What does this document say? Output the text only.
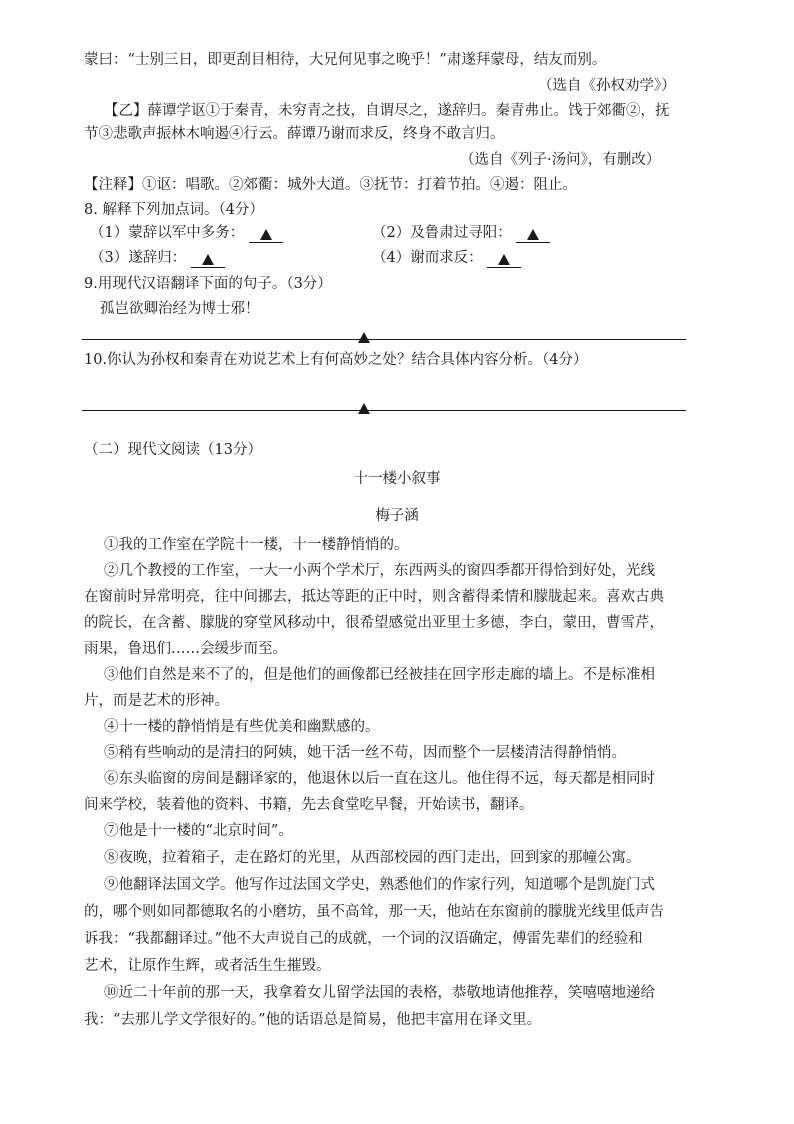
蒙曰：“士别三日，即更刮目相待，大兄何见事之晚乎！”肃遂拜蒙母，结友而别。
（选自《孙权劝学》）
【乙】薛谭学讴①于秦青，未穷青之技，自谓尽之，遂辞归。秦青弗止。饯于郊衢②，抚
节③悲歌声振林木响遏④行云。薛谭乃谢而求反，终身不敢言归。
（选自《列子·汤问》，有删改）
【注释】①讴：唱歌。②郊衢：城外大道。③抚节：打着节拍。④遏：阻止。
8. 解释下列加点词。（4分）
（1）蒙辞以军中多务：	（2）及鲁肃过寻阳：
（3）遂辞归：	（4）谢而求反：
9.用现代汉语翻译下面的句子。（3分）
孤岂欲卿治经为博士邪！
10.你认为孙权和秦青在劝说艺术上有何高妙之处？结合具体内容分析。（4分）
（二）现代文阅读（13分）
十一楼小叙事
梅子涵
①我的工作室在学院十一楼，十一楼静悄悄的。
②几个教授的工作室，一大一小两个学术厅，东西两头的窗四季都开得恰到好处，光线
在窗前时异常明亮，往中间挪去，抵达等距的正中时，则含蓄得柔情和朦胧起来。喜欢古典
的院长，在含蓄、朦胧的穿堂风移动中，很希望感觉出亚里士多德，李白，蒙田，曹雪芹，
雨果，鲁迅们……会缓步而至。
③他们自然是来不了的，但是他们的画像都已经被挂在回字形走廊的墙上。不是标准相
片，而是艺术的形神。
④十一楼的静悄悄是有些优美和幽默感的。
⑤稍有些响动的是清扫的阿姨，她干活一丝不苟，因而整个一层楼清洁得静悄悄。
⑥东头临窗的房间是翻译家的，他退休以后一直在这儿。他住得不远，每天都是相同时
间来学校，装着他的资料、书籍，先去食堂吃早餐，开始读书，翻译。
⑦他是十一楼的“北京时间”。
⑧夜晚，拉着箱子，走在路灯的光里，从西部校园的西门走出，回到家的那幢公寓。
⑨他翻译法国文学。他写作过法国文学史，熟悉他们的作家行列，知道哪个是凯旋门式
的，哪个则如同都德取名的小磨坊，虽不高耸，那一天，他站在东窗前的朦胧光线里低声告
诉我：“我都翻译过。”他不大声说自己的成就，一个词的汉语确定，傅雷先辈们的经验和
艺术，让原作生辉，或者活生生摧毁。
⑩近二十年前的那一天，我拿着女儿留学法国的表格，恭敬地请他推荐，笑嘻嘻地递给
我：“去那儿学文学很好的。”他的话语总是简易，他把丰富用在译文里。
